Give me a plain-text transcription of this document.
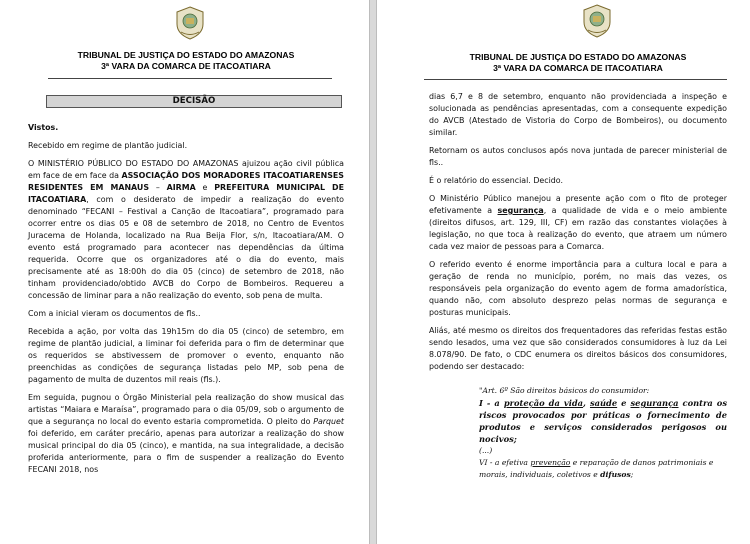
TRIBUNAL DE JUSTIÇA DO ESTADO DO AMAZONAS
3ª VARA DA COMARCA DE ITACOATIARA
DECISÃO

Vistos.

Recebido em regime de plantão judicial.

O MINISTÉRIO PÚBLICO DO ESTADO DO AMAZONAS ajuizou ação civil pública em face de em face da ASSOCIAÇÃO DOS MORADORES ITACOATIARENSES RESIDENTES EM MANAUS – AIRMA e PREFEITURA MUNICIPAL DE ITACOATIARA, com o desiderato de impedir a realização do evento denominado “FECANI – Festival a Canção de Itacoatiara”, programado para ocorrer entre os dias 05 e 08 de setembro de 2018, no Centro de Eventos Juracema de Holanda, localizado na Rua Beija Flor, s/n, Itacoatiara/AM. O evento está programado para acontecer nas dependências da última requerida. Ocorre que os organizadores até o dia do evento, mais precisamente até as 18:00h do dia 05 (cinco) de setembro de 2018, não tinham providenciado/obtido AVCB do Corpo de Bombeiros. Requereu a concessão de liminar para a não realização do evento, sob pena de multa.

Com a inicial vieram os documentos de fls..

Recebida a ação, por volta das 19h15m do dia 05 (cinco) de setembro, em regime de plantão judicial, a liminar foi deferida para o fim de determinar que os requeridos se abstivessem de promover o evento, enquanto não preenchidas as condições de segurança listadas pelo MP, sob pena de pagamento de multa de duzentos mil reais (fls.).

Em seguida, pugnou o Órgão Ministerial pela realização do show musical das artistas “Maiara e Maraísa”, programado para o dia 05/09, sob o argumento de que a segurança no local do evento estaria comprometida. O pleito do Parquet foi deferido, em caráter precário, apenas para autorizar a realização do show musical principal do dia 05 (cinco), e mantida, na sua integralidade, a decisão proferida anteriormente, para o fim de suspender a realização do Evento FECANI 2018, nos

TRIBUNAL DE JUSTIÇA DO ESTADO DO AMAZONAS
3ª VARA DA COMARCA DE ITACOATIARA

dias 6,7 e 8 de setembro, enquanto não providenciada a inspeção e solucionada as pendências apresentadas, com a consequente expedição do AVCB (Atestado de Vistoria do Corpo de Bombeiros), ou documento similar.

Retornam os autos conclusos após nova juntada de parecer ministerial de fls..

É o relatório do essencial. Decido.

O Ministério Público manejou a presente ação com o fito de proteger efetivamente a segurança, a qualidade de vida e o meio ambiente (direitos difusos, art. 129, III, CF) em razão das constantes violações à legislação, no que toca à realização do evento, que atraem um número cada vez maior de pessoas para a Comarca.

O referido evento é enorme importância para a cultura local e para a geração de renda no município, porém, no mais das vezes, os responsáveis pela organização do evento agem de forma amadorística, quando não, com absoluto desprezo pelas normas de segurança e posturas municipais.

Aliás, até mesmo os direitos dos frequentadores das referidas festas estão sendo lesados, uma vez que são considerados consumidores à luz da Lei 8.078/90. De fato, o CDC enumera os direitos básicos dos consumidores, podendo ser destacado:

"Art. 6º São direitos básicos do consumidor:
I - a proteção da vida, saúde e segurança contra os riscos provocados por práticas o fornecimento de produtos e serviços considerados perigosos ou nocivos;
(...)
VI - a efetiva prevenção e reparação de danos patrimoniais e morais, individuais, coletivos e difusos;
